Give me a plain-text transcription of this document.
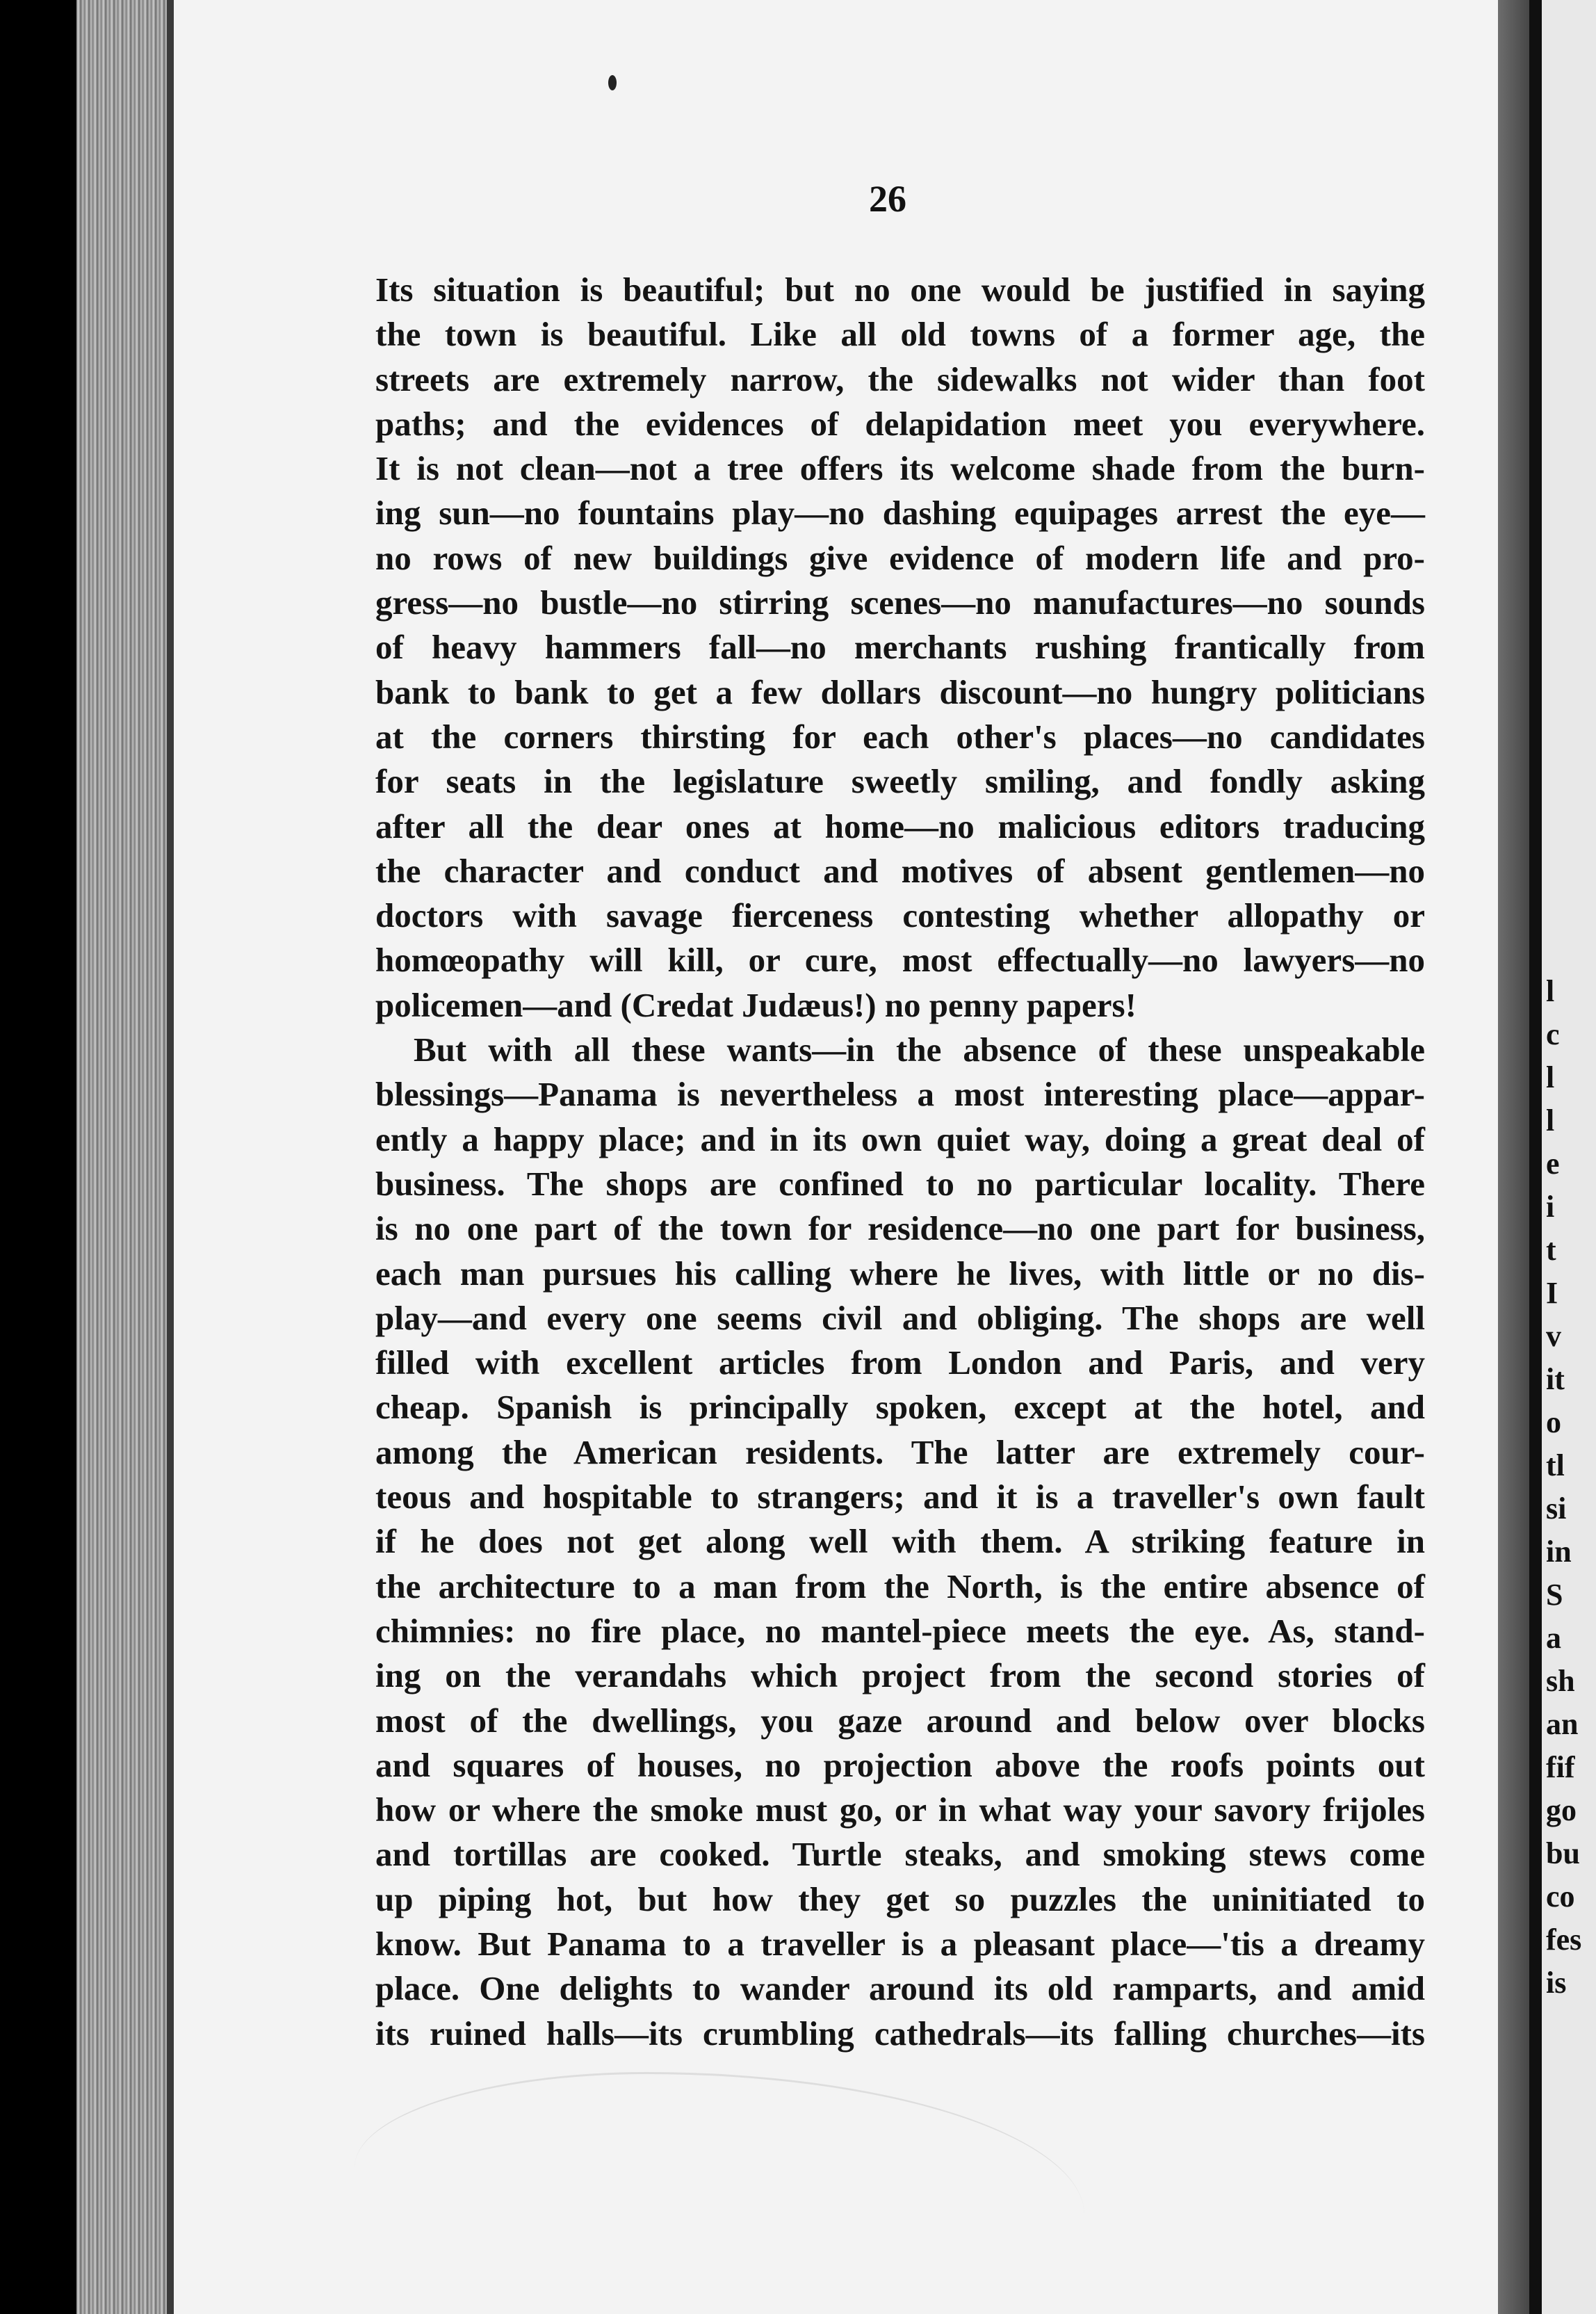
26
Its situation is beautiful; but no one would be justified in saying
the town is beautiful. Like all old towns of a former age, the
streets are extremely narrow, the sidewalks not wider than foot
paths; and the evidences of delapidation meet you everywhere.
It is not clean—not a tree offers its welcome shade from the burn-
ing sun—no fountains play—no dashing equipages arrest the eye—
no rows of new buildings give evidence of modern life and pro-
gress—no bustle—no stirring scenes—no manufactures—no sounds
of heavy hammers fall—no merchants rushing frantically from
bank to bank to get a few dollars discount—no hungry politicians
at the corners thirsting for each other's places—no candidates
for seats in the legislature sweetly smiling, and fondly asking
after all the dear ones at home—no malicious editors traducing
the character and conduct and motives of absent gentlemen—no
doctors with savage fierceness contesting whether allopathy or
homœopathy will kill, or cure, most effectually—no lawyers—no
policemen—and (Credat Judæus!) no penny papers!
But with all these wants—in the absence of these unspeakable
blessings—Panama is nevertheless a most interesting place—appar-
ently a happy place; and in its own quiet way, doing a great deal of
business. The shops are confined to no particular locality. There
is no one part of the town for residence—no one part for business,
each man pursues his calling where he lives, with little or no dis-
play—and every one seems civil and obliging. The shops are well
filled with excellent articles from London and Paris, and very
cheap. Spanish is principally spoken, except at the hotel, and
among the American residents. The latter are extremely cour-
teous and hospitable to strangers; and it is a traveller's own fault
if he does not get along well with them. A striking feature in
the architecture to a man from the North, is the entire absence of
chimnies: no fire place, no mantel-piece meets the eye. As, stand-
ing on the verandahs which project from the second stories of
most of the dwellings, you gaze around and below over blocks
and squares of houses, no projection above the roofs points out
how or where the smoke must go, or in what way your savory frijoles
and tortillas are cooked. Turtle steaks, and smoking stews come
up piping hot, but how they get so puzzles the uninitiated to
know. But Panama to a traveller is a pleasant place—'tis a dreamy
place. One delights to wander around its old ramparts, and amid
its ruined halls—its crumbling cathedrals—its falling churches—its
l
c
l
l
e
i
t
I
v
it
o
tl
si
in
S
a
sh
an
fif
go
bu
co
fes
is
